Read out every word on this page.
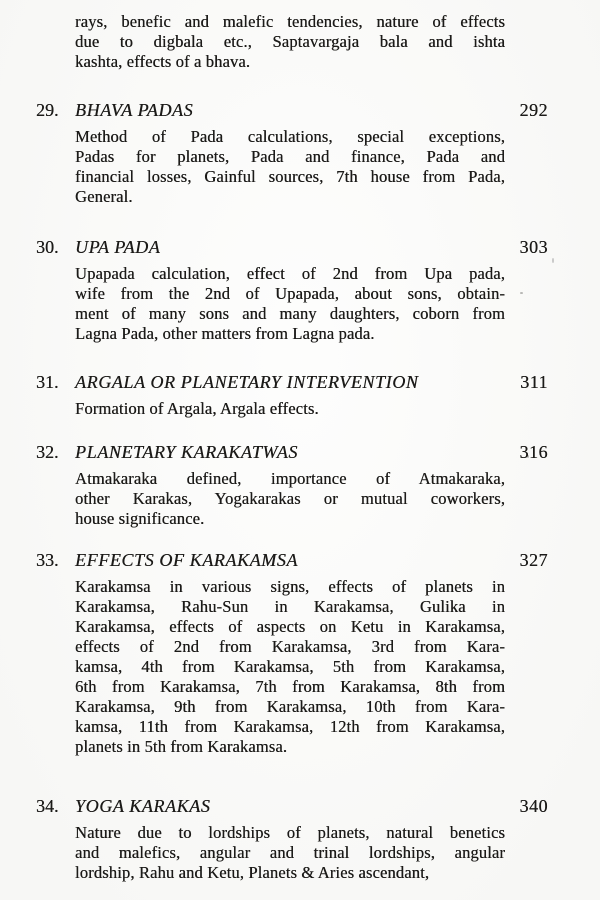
rays, benefic and malefic tendencies, nature of effects
due to digbala etc., Saptavargaja bala and ishta
kashta, effects of a bhava.
29. BHAVA PADAS	292
Method of Pada calculations, special exceptions,
Padas for planets, Pada and finance, Pada and
financial losses, Gainful sources, 7th house from Pada,
General.
30. UPA PADA	303
Upapada calculation, effect of 2nd from Upa pada,
wife from the 2nd of Upapada, about sons, obtain-
ment of many sons and many daughters, coborn from
Lagna Pada, other matters from Lagna pada.
31. ARGALA OR PLANETARY INTERVENTION	311
Formation of Argala, Argala effects.
32. PLANETARY KARAKATWAS	316
Atmakaraka defined, importance of Atmakaraka,
other Karakas, Yogakarakas or mutual coworkers,
house significance.
33. EFFECTS OF KARAKAMSA	327
Karakamsa in various signs, effects of planets in
Karakamsa, Rahu-Sun in Karakamsa, Gulika in
Karakamsa, effects of aspects on Ketu in Karakamsa,
effects of 2nd from Karakamsa, 3rd from Kara-
kamsa, 4th from Karakamsa, 5th from Karakamsa,
6th from Karakamsa, 7th from Karakamsa, 8th from
Karakamsa, 9th from Karakamsa, 10th from Kara-
kamsa, 11th from Karakamsa, 12th from Karakamsa,
planets in 5th from Karakamsa.
34. YOGA KARAKAS	340
Nature due to lordships of planets, natural benetics
and malefics, angular and trinal lordships, angular
lordship, Rahu and Ketu, Planets & Aries ascendant,
